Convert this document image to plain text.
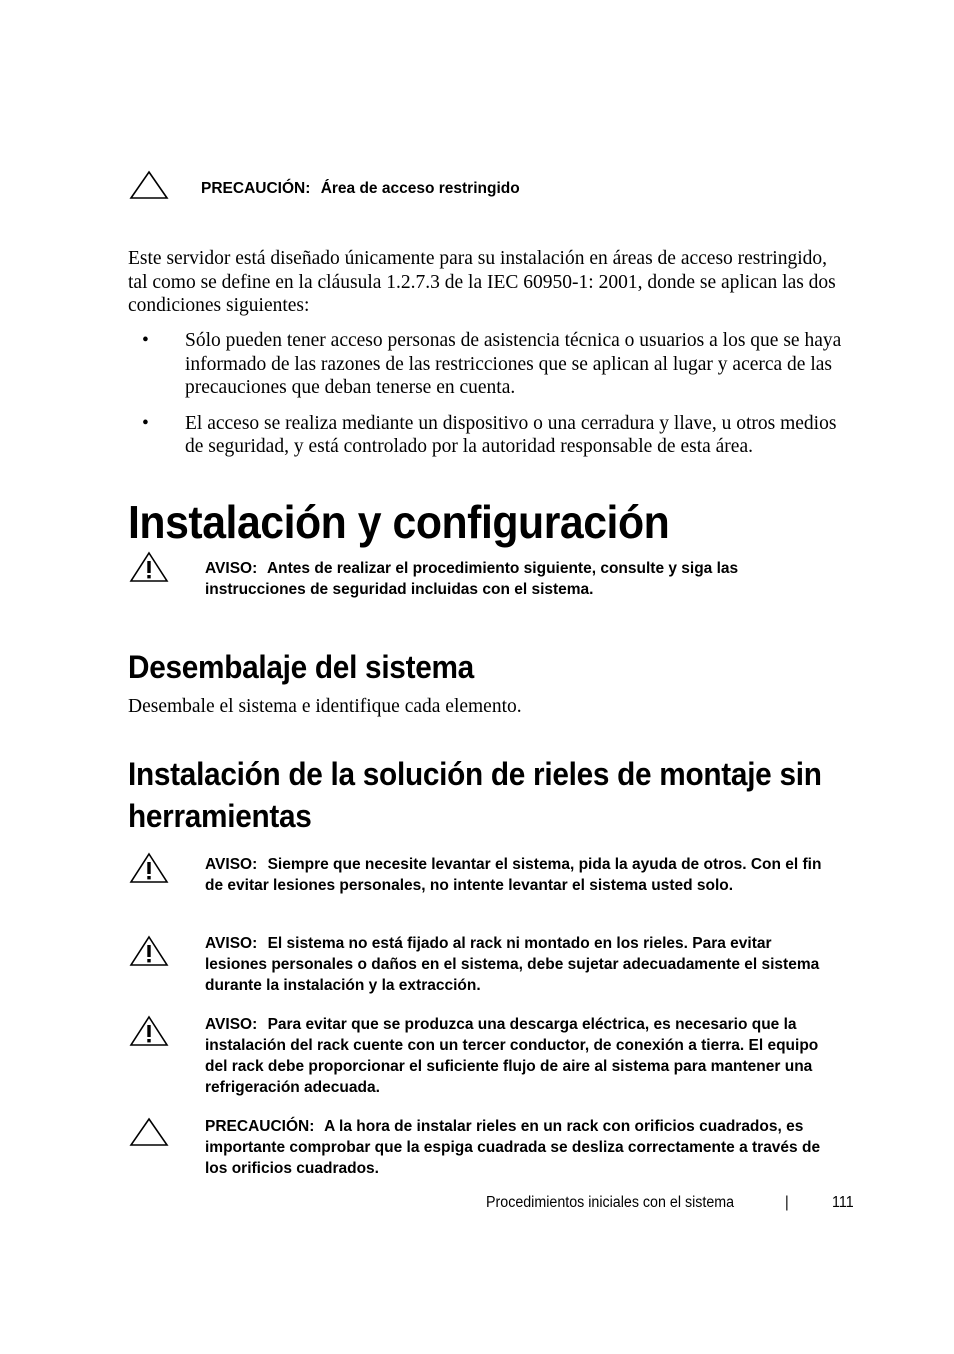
PRECAUCIÓN: Área de acceso restringido

Este servidor está diseñado únicamente para su instalación en áreas de acceso restringido, tal como se define en la cláusula 1.2.7.3 de la IEC 60950-1: 2001, donde se aplican las dos condiciones siguientes:

• Sólo pueden tener acceso personas de asistencia técnica o usuarios a los que se haya informado de las razones de las restricciones que se aplican al lugar y acerca de las precauciones que deban tenerse en cuenta.
• El acceso se realiza mediante un dispositivo o una cerradura y llave, u otros medios de seguridad, y está controlado por la autoridad responsable de esta área.
Instalación y configuración
AVISO: Antes de realizar el procedimiento siguiente, consulte y siga las instrucciones de seguridad incluidas con el sistema.
Desembalaje del sistema

Desembale el sistema e identifique cada elemento.

Instalación de la solución de rieles de montaje sin herramientas
AVISO: Siempre que necesite levantar el sistema, pida la ayuda de otros. Con el fin de evitar lesiones personales, no intente levantar el sistema usted solo.
AVISO: El sistema no está fijado al rack ni montado en los rieles. Para evitar lesiones personales o daños en el sistema, debe sujetar adecuadamente el sistema durante la instalación y la extracción.
AVISO: Para evitar que se produzca una descarga eléctrica, es necesario que la instalación del rack cuente con un tercer conductor, de conexión a tierra. El equipo del rack debe proporcionar el suficiente flujo de aire al sistema para mantener una refrigeración adecuada.
PRECAUCIÓN: A la hora de instalar rieles en un rack con orificios cuadrados, es importante comprobar que la espiga cuadrada se desliza correctamente a través de los orificios cuadrados.
Procedimientos iniciales con el sistema	|	111
